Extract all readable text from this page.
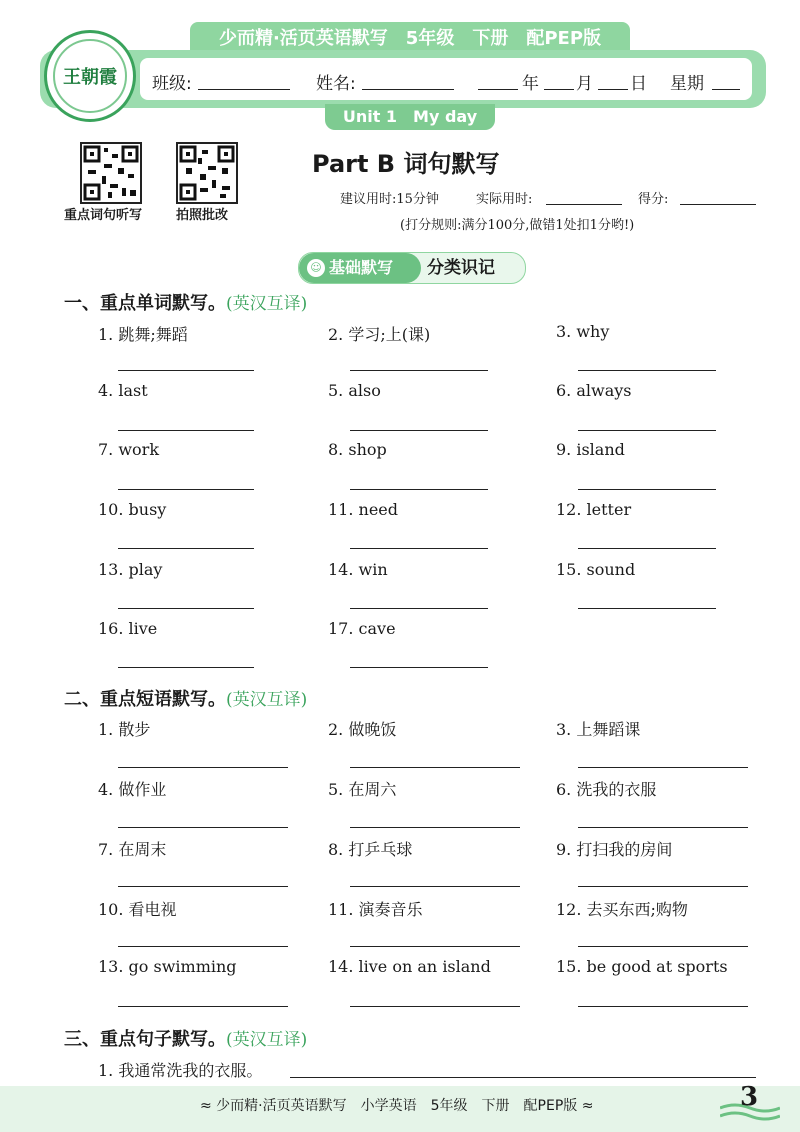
少而精·活页英语默写　5年级　下册　配PEP版
班级:	姓名:	年 月 日 星期
王朝霞
Unit 1　My day
重点词句听写	拍照批改
Part B 词句默写
建议用时:15分钟	实际用时:	得分:
(打分规则:满分100分,做错1处扣1分哟!)
☺ 基础默写	分类识记
一、重点单词默写。(英汉互译)
1. 跳舞;舞蹈	2. 学习;上(课)	3. why
4. last	5. also	6. always
7. work	8. shop	9. island
10. busy	11. need	12. letter
13. play	14. win	15. sound
16. live	17. cave
二、重点短语默写。(英汉互译)
1. 散步	2. 做晚饭	3. 上舞蹈课
4. 做作业	5. 在周六	6. 洗我的衣服
7. 在周末	8. 打乒乓球	9. 打扫我的房间
10. 看电视	11. 演奏音乐	12. 去买东西;购物
13. go swimming	14. live on an island	15. be good at sports
三、重点句子默写。(英汉互译)
1. 我通常洗我的衣服。
≈ 少而精·活页英语默写　小学英语　5年级　下册　配PEP版 ≈	3
